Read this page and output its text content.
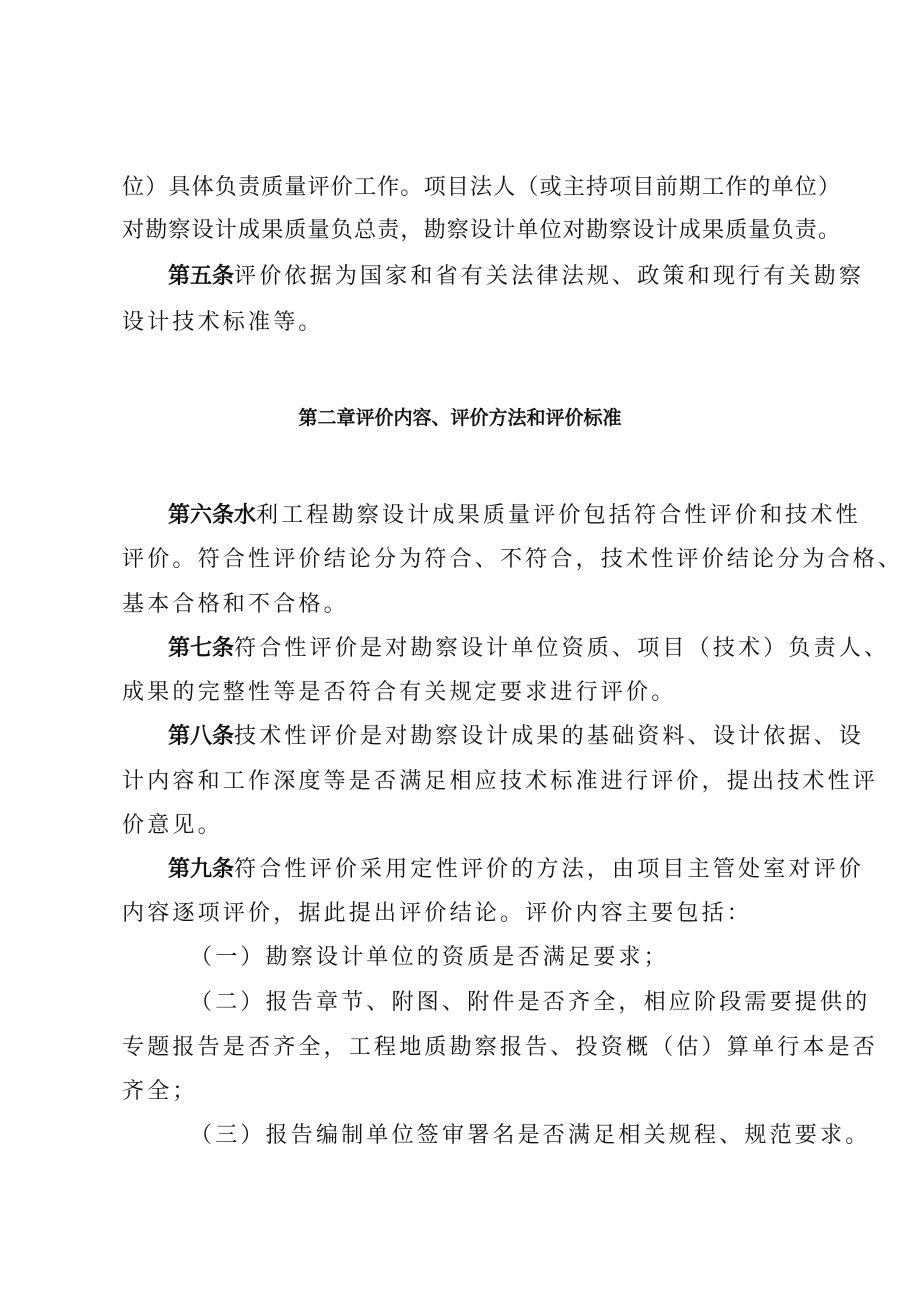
位）具体负责质量评价工作。项目法人（或主持项目前期工作的单位）
对勘察设计成果质量负总责，勘察设计单位对勘察设计成果质量负责。
第五条评价依据为国家和省有关法律法规、政策和现行有关勘察
设计技术标准等。
第二章评价内容、评价方法和评价标准
第六条水利工程勘察设计成果质量评价包括符合性评价和技术性
评价。符合性评价结论分为符合、不符合，技术性评价结论分为合格、
基本合格和不合格。
第七条符合性评价是对勘察设计单位资质、项目（技术）负责人、
成果的完整性等是否符合有关规定要求进行评价。
第八条技术性评价是对勘察设计成果的基础资料、设计依据、设
计内容和工作深度等是否满足相应技术标准进行评价，提出技术性评
价意见。
第九条符合性评价采用定性评价的方法，由项目主管处室对评价
内容逐项评价，据此提出评价结论。评价内容主要包括：
（一）勘察设计单位的资质是否满足要求；
（二）报告章节、附图、附件是否齐全，相应阶段需要提供的
专题报告是否齐全，工程地质勘察报告、投资概（估）算单行本是否
齐全；
（三）报告编制单位签审署名是否满足相关规程、规范要求。
